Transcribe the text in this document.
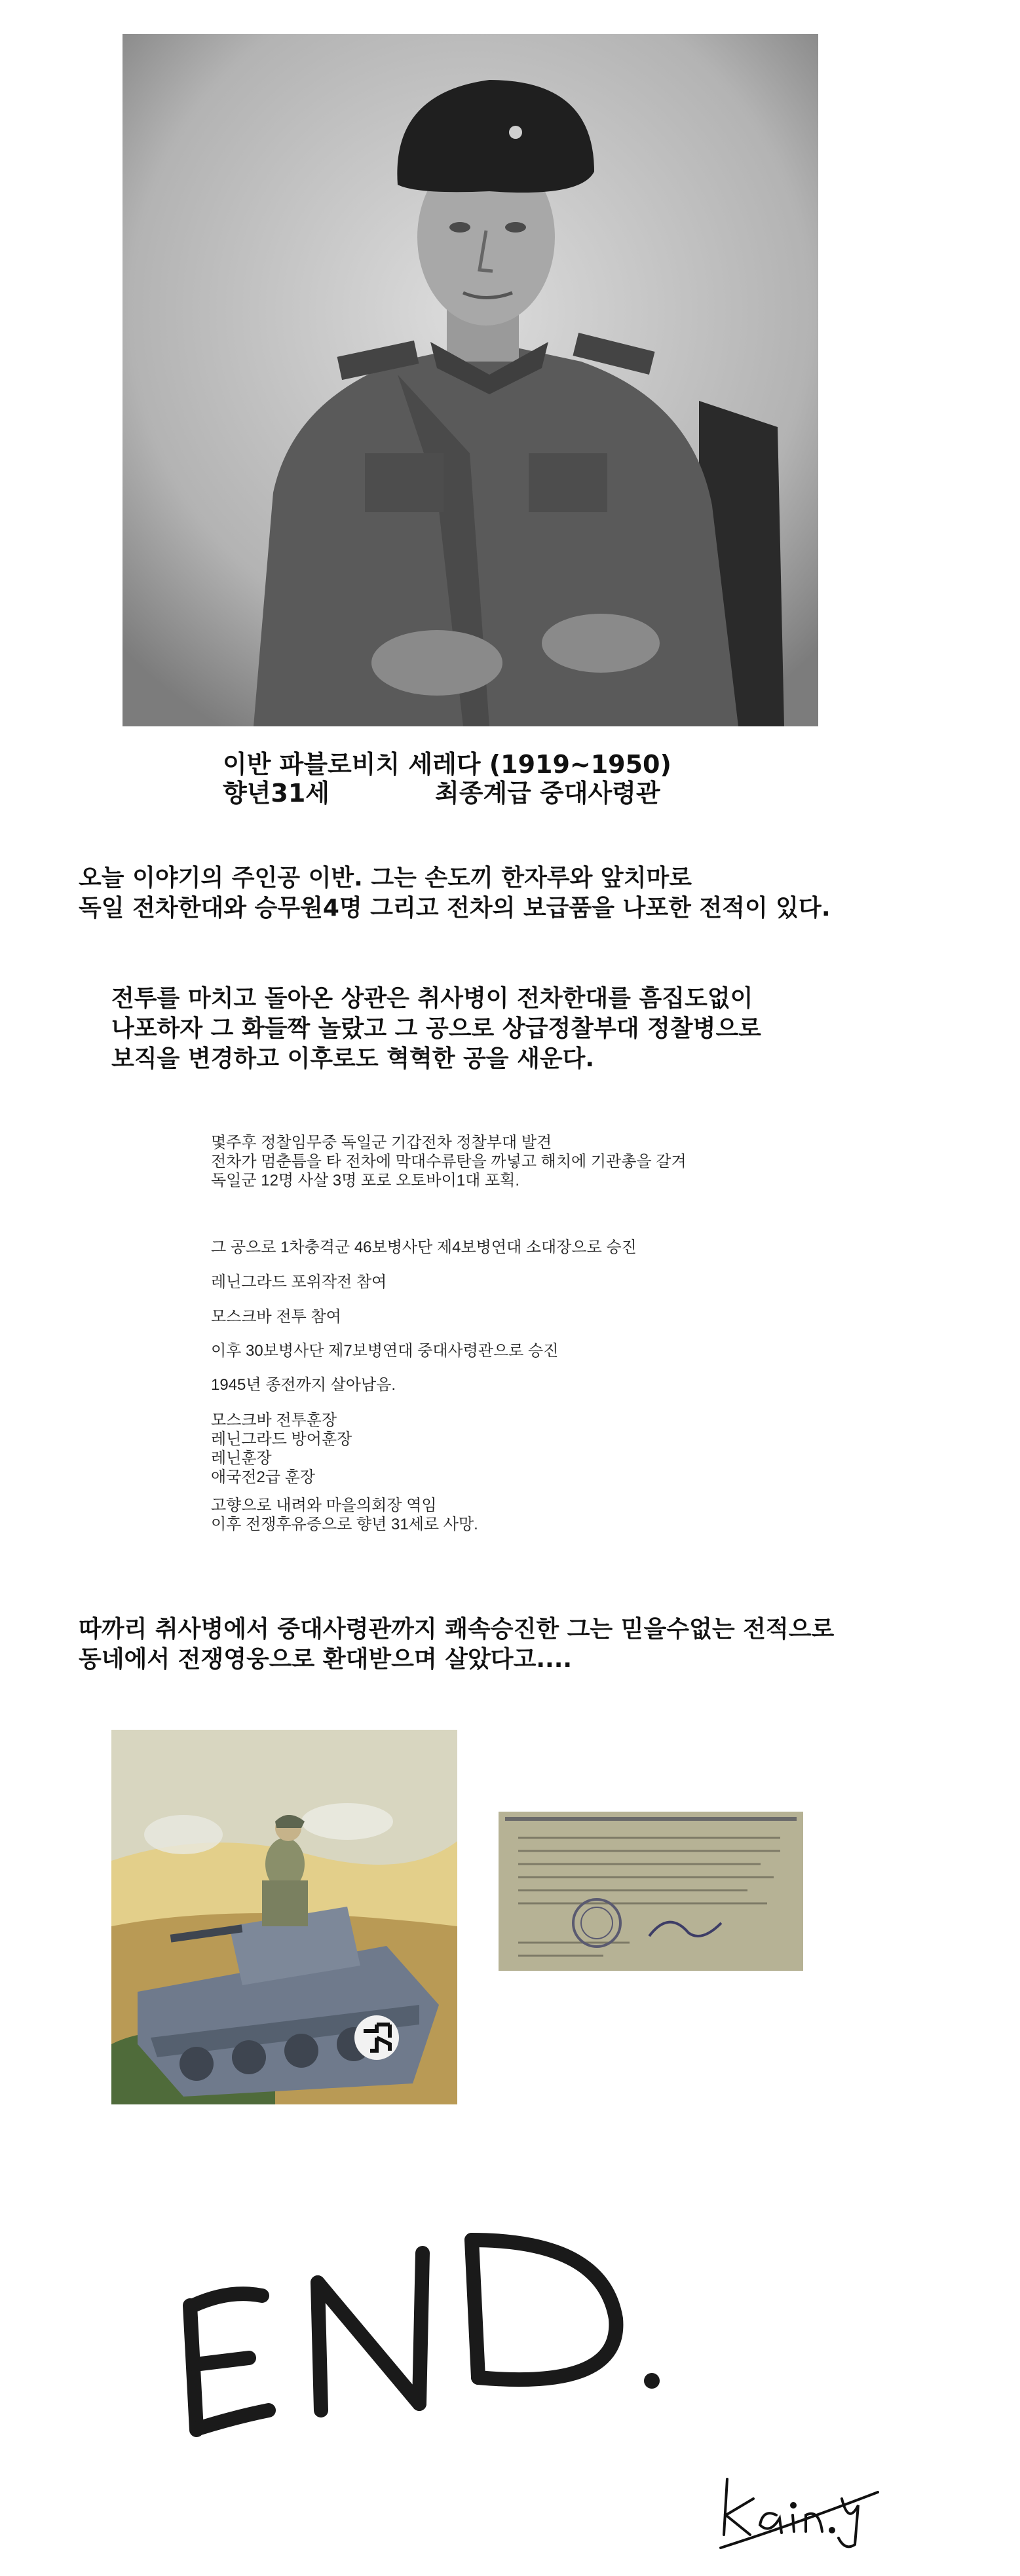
이반 파블로비치 세레다 (1919~1950)
향년31세	최종계급 중대사령관
오늘 이야기의 주인공 이반. 그는 손도끼 한자루와 앞치마로
독일 전차한대와 승무원4명 그리고 전차의 보급품을 나포한 전적이 있다.
전투를 마치고 돌아온 상관은 취사병이 전차한대를 흠집도없이
나포하자 그 화들짝 놀랐고 그 공으로 상급정찰부대 정찰병으로
보직을 변경하고 이후로도 혁혁한 공을 새운다.
몇주후 정찰임무중 독일군 기갑전차 정찰부대 발견
전차가 멈춘틈을 타 전차에 막대수류탄을 까넣고 해치에 기관총을 갈겨
독일군 12명 사살 3명 포로 오토바이1대 포획.
그 공으로 1차충격군 46보병사단 제4보병연대 소대장으로 승진
레닌그라드 포위작전 참여
모스크바 전투 참여
이후 30보병사단 제7보병연대 중대사령관으로 승진
1945년 종전까지 살아남음.
모스크바 전투훈장
레닌그라드 방어훈장
레닌훈장
애국전2급 훈장
고향으로 내려와 마을의회장 역임
이후 전쟁후유증으로 향년 31세로 사망.
따까리 취사병에서 중대사령관까지 쾌속승진한 그는 믿을수없는 전적으로
동네에서 전쟁영웅으로 환대받으며 살았다고....
